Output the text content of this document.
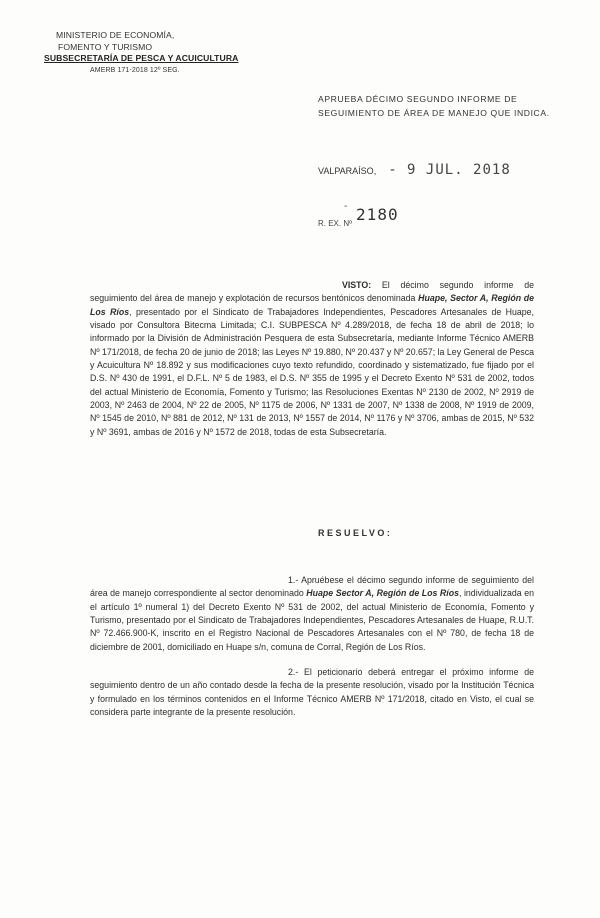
MINISTERIO DE ECONOMÍA,
FOMENTO Y TURISMO
SUBSECRETARÍA DE PESCA Y ACUICULTURA
AMERB 171-2018 12º SEG.
APRUEBA DÉCIMO SEGUNDO INFORME DE
SEGUIMIENTO DE ÁREA DE MANEJO QUE INDICA.
VALPARAÍSO, - 9 JUL. 2018
-
R. EX. Nº 2180
VISTO: El décimo segundo informe de seguimiento del área de manejo y explotación de recursos bentónicos denominada Huape, Sector A, Región de Los Ríos, presentado por el Sindicato de Trabajadores Independientes, Pescadores Artesanales de Huape, visado por Consultora Bitecma Limitada; C.I. SUBPESCA Nº 4.289/2018, de fecha 18 de abril de 2018; lo informado por la División de Administración Pesquera de esta Subsecretaría, mediante Informe Técnico AMERB Nº 171/2018, de fecha 20 de junio de 2018; las Leyes Nº 19.880, Nº 20.437 y Nº 20.657; la Ley General de Pesca y Acuicultura Nº 18.892 y sus modificaciones cuyo texto refundido, coordinado y sistematizado, fue fijado por el D.S. Nº 430 de 1991, el D.F.L. Nº 5 de 1983, el D.S. Nº 355 de 1995 y el Decreto Exento Nº 531 de 2002, todos del actual Ministerio de Economía, Fomento y Turismo; las Resoluciones Exentas Nº 2130 de 2002, Nº 2919 de 2003, Nº 2463 de 2004, Nº 22 de 2005, Nº 1175 de 2006, Nº 1331 de 2007, Nº 1338 de 2008, Nº 1919 de 2009, Nº 1545 de 2010, Nº 881 de 2012, Nº 131 de 2013, Nº 1557 de 2014, Nº 1176 y Nº 3706, ambas de 2015, Nº 532 y Nº 3691, ambas de 2016 y Nº 1572 de 2018, todas de esta Subsecretaría.
RESUELVO:
1.- Apruébese el décimo segundo informe de seguimiento del área de manejo correspondiente al sector denominado Huape Sector A, Región de Los Ríos, individualizada en el artículo 1º numeral 1) del Decreto Exento Nº 531 de 2002, del actual Ministerio de Economía, Fomento y Turismo, presentado por el Sindicato de Trabajadores Independientes, Pescadores Artesanales de Huape, R.U.T. Nº 72.466.900-K, inscrito en el Registro Nacional de Pescadores Artesanales con el Nº 780, de fecha 18 de diciembre de 2001, domiciliado en Huape s/n, comuna de Corral, Región de Los Ríos.
2.- El peticionario deberá entregar el próximo informe de seguimiento dentro de un año contado desde la fecha de la presente resolución, visado por la Institución Técnica y formulado en los términos contenidos en el Informe Técnico AMERB Nº 171/2018, citado en Visto, el cual se considera parte integrante de la presente resolución.
